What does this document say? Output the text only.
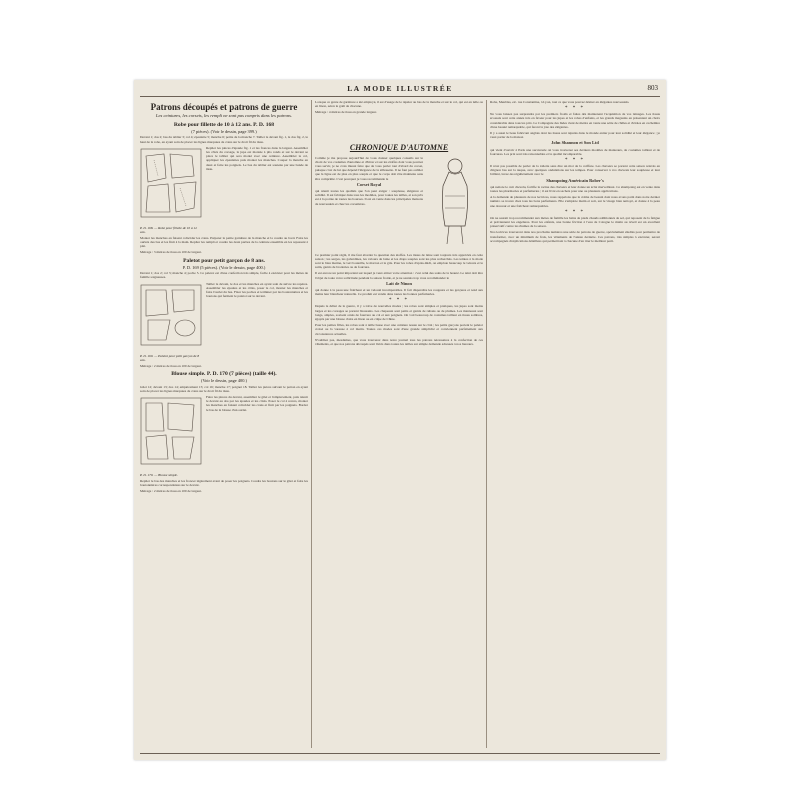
LA MODE ILLUSTRÉE	803
Patrons découpés et patrons de guerre
Les ceintures, les corsets, les rempli ne sont pas compris dans les patrons.
Robe pour fillette de 10 à 12 ans. P. D. 168
(7 pièces). (Voir le dessin, page 399.)
Devant 1; dos 2; bas du tablier 3; col 4; épaulette 5; manche 6; petite de la manche 7. Tailler le devant fig. 1, le dos fig. 2, le haut de la robe, en ayant soin de placer les lignes marquées de crans sur le droit fil du tissu.
P. D. 168. — Robe pour fillette de 10 à 12 ans.
Replier les pinces d'épaule fig. 1 et les fronces dans la largeur. Assembler les côtés du corsage, la jupe est montée à plis ronds et sur le devant se place le tablier qui sera monté avec une ceinture. Assembler le col, appliquer les épaulettes puis monter les manches. Couper la manche en deux et faire les poignets. Le bas du tablier est soutenu par une bande de tissu.
Monter les manches en faisant coïncider les crans. Préparer la petite garniture de la manche et la coudre au bord. Faire les ourlets des bas et les finir à la main. Replier les rempli et coudre les deux parties de la ceinture ensemble en les repassant à plat.
Métrage : 3 mètres de tissu en 100 de largeur.
Paletot pour petit garçon de 8 ans.
P. D. 169 (5 pièces). (Voir le dessin, page 400.)
Devant 1; dos 2; col 3; manche 4; poche 5. Ce paletot est d'une confection très simple, facile à exécuter pour les mères de famille soigneuses.
P. D. 169. — Paletot pour petit garçon de 8 ans.
Tailler le devant, le dos et les manches en ayant soin de suivre les repères. Assembler les épaules et les côtés, poser le col, monter les manches et faire l'ourlet du bas. Fixer les poches et terminer par les boutonnières et les boutons qui ferment le paletot sur le devant.
Métrage : 2 mètres de tissu en 100 de largeur.
Blouse simple. P. D. 170 (7 pièces) (taille 44).
(Voir le dessin, page 400.)
Gilet 12; devant 13; dos 14; empiècement 15; col 16; manche 17; poignet 18. Tailler les pièces suivant le patron en ayant soin de placer les lignes marquées de crans sur le droit fil du tissu.
P. D. 170. — Blouse simple.
Faire les pinces du devant, assembler le gilet et l'empiècement, puis réunir le devant au dos par les épaules et les côtés. Poser le col à revers, monter les manches en faisant coïncider les crans et finir par les poignets. Border le bas de la blouse d'un ourlet.
Replier le bas des manches et les froncer légèrement avant de poser les poignets. Coudre les boutons sur le gilet et faire les boutonnières correspondantes sur le devant.
Métrage : 2 mètres de tissu en 100 de largeur.
Lorsque ce genre de garniture a été employé, il est d'usage de le répéter au bas de la manche et sur le col, qui est en tulle ou en linon, selon le goût de chacune.
Métrage : 4 mètres de tissu en grande largeur.
CHRONIQUE D'AUTOMNE
Comme je me propose aujourd'hui de vous donner quelques conseils sur le choix de vos costumes d'automne et d'hiver et sur les étoffes dont vous pourrez vous servir, je ne crois mieux faire que de vous parler tout d'abord du corset, puisque c'est de lui que dépend l'élégance de la silhouette. Il ne faut pas oublier que la ligne est de plus en plus souple et que le corps doit être maintenu sans être comprimé. C'est pourquoi je vous recommande le
Corset Royal
qui réunit toutes les qualités que l'on peut exiger : souplesse, élégance et solidité. Il est fabriqué dans tous les modèles, pour toutes les tailles, et son prix est à la portée de toutes les bourses. Il est en vente dans les principales maisons de nouveautés et chez les corsetières.
Ce premier point réglé, il me faut aborder la question des étoffes. Les tissus de laine sont toujours très appréciés en cette saison ; les serges, les gabardines, les velours de laine et les draps souples sont les plus recherchés. Les teintes à la mode sont le bleu marine, le vert bouteille, le marron et le gris. Pour les robes d'après-midi, on emploie beaucoup le velours et le satin, garnis de broderies ou de fourrure.
Il est encore un point important sur lequel je veux attirer votre attention : c'est celui des soins de la beauté. Le teint doit être l'objet de toute votre sollicitude pendant la saison froide, et je ne saurais trop vous recommander le
Lait de Ninon
qui donne à la peau une fraîcheur et un velouté incomparables. Il fait disparaître les rougeurs et les gerçures et rend aux mains leur blancheur naturelle. Ce produit est vendu dans toutes les bonnes parfumeries.
* * *
Depuis le début de la guerre, il y a trève de nouvelles modes ; les robes sont simples et pratiques, les jupes sont moins larges et les corsages se portent blousants. Les chapeaux sont petits et garnis de rubans ou de plumes. Les manteaux sont longs, amples, souvent ornés de fourrure au col et aux poignets. On voit beaucoup de costumes tailleur en tissus sombres, égayés par une blouse claire en linon ou en crêpe de Chine.
Pour les petites filles, les robes sont à taille basse avec une ceinture nouée sur le côté ; les petits garçons portent le paletot croisé ou la vareuse à col marin. Toutes ces modes sont d'une grande simplicité et conviennent parfaitement aux circonstances actuelles.
N'oubliez pas, mesdames, que vous trouverez dans notre journal tous les patrons nécessaires à la confection de ces vêtements, et que nos patrons découpés sont livrés dans toutes les tailles sur simple demande adressée à nos bureaux.
Robe, Meubles, etc. rue Constantine, à Lyon, tout ce que vous pouvez désirer en élégantes nouveautés.
* * *
Ne vous laissez pas surprendre par les premiers froids et faites dès maintenant l'acquisition de vos lainages. Les tissus écossais sont cette année très en faveur pour les jupes et les robes d'enfants, et les grands magasins en présentent un choix considérable dans tous les prix. La Compagnie des Indes vient de mettre en vente une série de châles et d'étoles en cachemire d'une beauté remarquable, qui feront la joie des élégantes.
Il y a aussi le beau fabricant anglais dont les tissus sont réputés dans le monde entier pour leur solidité et leur élégance ; je veux parler de la maison
John Shannon et Son Ltd
qui vient d'ouvrir à Paris une succursale où vous trouverez ses derniers modèles de manteaux, de costumes tailleur et de fourrures. Les prix sont très raisonnables et la qualité incomparable.
* * *
Il n'est pas possible de parler de la toilette sans dire un mot de la coiffure. Les cheveux se portent cette saison relevés en chignon bas sur la nuque, avec quelques ondulations sur les tempes. Pour conserver à vos cheveux leur souplesse et leur brillant, lavez-les régulièrement avec le
Shampoing Américain Rober's
qui nettoie le cuir chevelu, fortifie la racine des cheveux et leur donne un éclat merveilleux. Ce shampoing est en vente dans toutes les pharmacies et parfumeries ; il est livré en sachets pour une ou plusieurs applications.
A la demande de plusieurs de nos lectrices, nous rappelons que la crème de beauté dont nous avons parlé dans notre dernier numéro se trouve chez tous les bons parfumeurs. Elle s'emploie matin et soir, sur le visage bien nettoyé, et donne à la peau une douceur et une fraîcheur remarquables.
* * *
On ne saurait trop recommander aux mères de famille les bains de pieds chauds additionnés de sel, qui reposent de la fatigue et préviennent les engelures. Pour les enfants, une bonne friction à l'eau de Cologne le matin au réveil est un excellent préservatif contre les rhumes de la saison.
Nos lectrices trouveront dans nos prochains numéros une série de patrons de guerre, spécialement étudiés pour permettre de transformer, avec un minimum de frais, les vêtements de l'année dernière. Ces patrons, très simples à exécuter, seront accompagnés d'explications détaillées qui permettront à chacune d'en tirer le meilleur parti.
